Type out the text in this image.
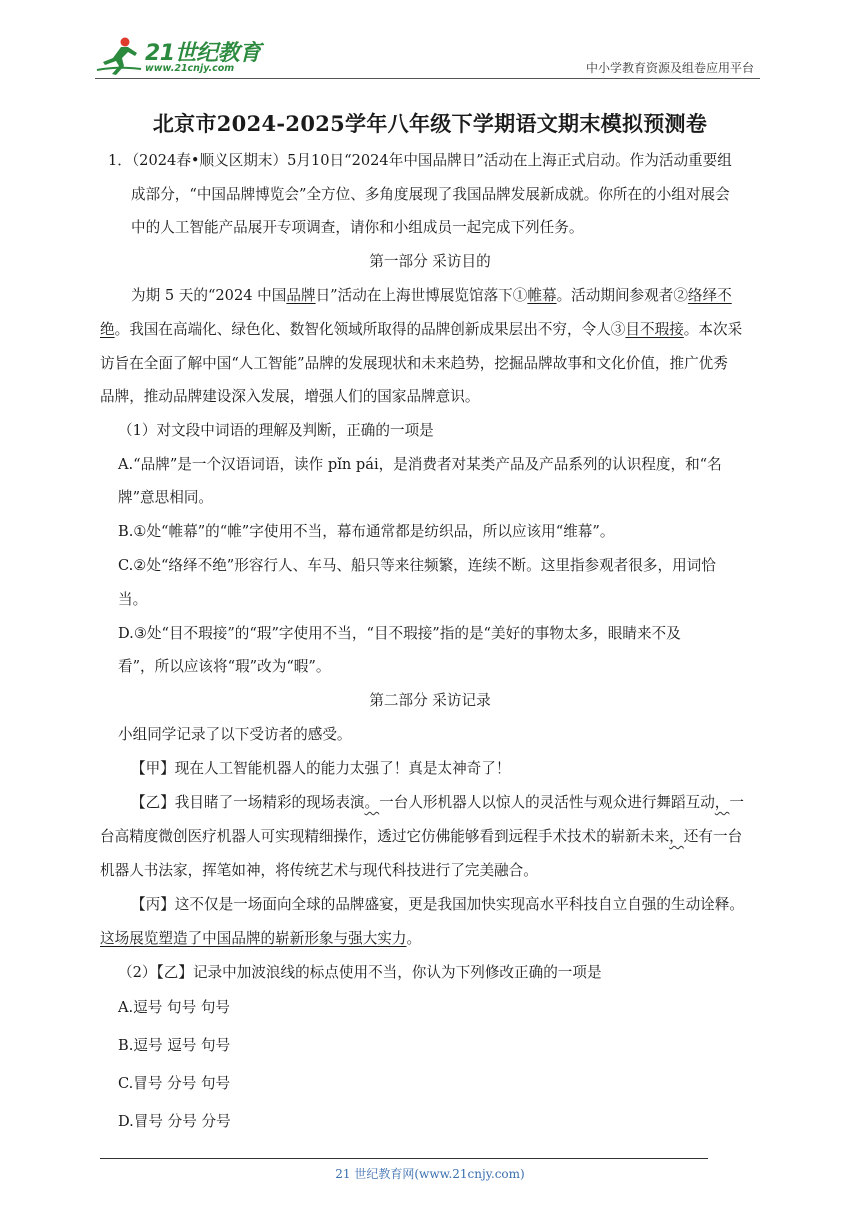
21世纪教育
www.21cnjy.com	中小学教育资源及组卷应用平台
北京市2024-2025学年八年级下学期语文期末模拟预测卷
1．（2024春•顺义区期末）5月10日“2024年中国品牌日”活动在上海正式启动。作为活动重要组
成部分，“中国品牌博览会”全方位、多角度展现了我国品牌发展新成就。你所在的小组对展会
中的人工智能产品展开专项调查，请你和小组成员一起完成下列任务。
第一部分 采访目的
为期 5 天的“2024 中国品牌日”活动在上海世博展览馆落下①帷幕。活动期间参观者②络绎不
绝。我国在高端化、绿色化、数智化领域所取得的品牌创新成果层出不穷，令人③目不瑕接。本次采
访旨在全面了解中国“人工智能”品牌的发展现状和未来趋势，挖掘品牌故事和文化价值，推广优秀
品牌，推动品牌建设深入发展，增强人们的国家品牌意识。
（1）对文段中词语的理解及判断，正确的一项是
A.“品牌”是一个汉语词语，读作 pǐn pái，是消费者对某类产品及产品系列的认识程度，和“名
牌”意思相同。
B.①处“帷幕”的“帷”字使用不当，幕布通常都是纺织品，所以应该用“维幕”。
C.②处“络绎不绝”形容行人、车马、船只等来往频繁，连续不断。这里指参观者很多，用词恰
当。
D.③处“目不瑕接”的“瑕”字使用不当，“目不瑕接”指的是“美好的事物太多，眼睛来不及
看”，所以应该将“瑕”改为“暇”。
第二部分 采访记录
小组同学记录了以下受访者的感受。
【甲】现在人工智能机器人的能力太强了！真是太神奇了！
【乙】我目睹了一场精彩的现场表演。一台人形机器人以惊人的灵活性与观众进行舞蹈互动，一
台高精度微创医疗机器人可实现精细操作，透过它仿佛能够看到远程手术技术的崭新未来，还有一台
机器人书法家，挥笔如神，将传统艺术与现代科技进行了完美融合。
【丙】这不仅是一场面向全球的品牌盛宴，更是我国加快实现高水平科技自立自强的生动诠释。
这场展览塑造了中国品牌的崭新形象与强大实力。
（2）【乙】记录中加波浪线的标点使用不当，你认为下列修改正确的一项是
A.逗号 句号 句号
B.逗号 逗号 句号
C.冒号 分号 句号
D.冒号 分号 分号
21 世纪教育网(www.21cnjy.com)
